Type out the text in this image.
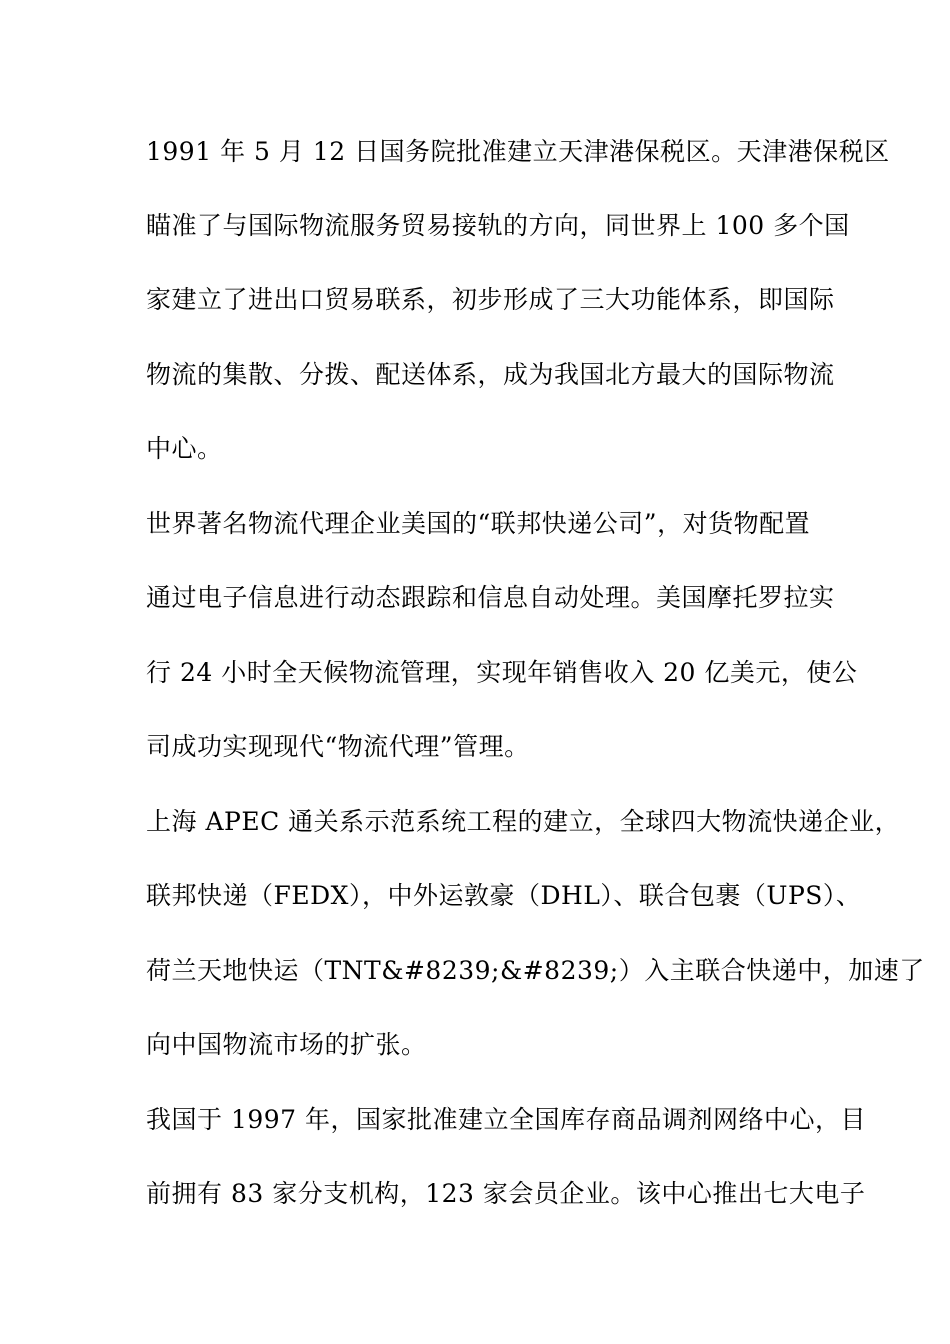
1991 年 5 月 12 日国务院批准建立天津港保税区。天津港保税区
瞄准了与国际物流服务贸易接轨的方向，同世界上 100 多个国
家建立了进出口贸易联系，初步形成了三大功能体系，即国际
物流的集散、分拨、配送体系，成为我国北方最大的国际物流
中心。
世界著名物流代理企业美国的“联邦快递公司”，对货物配置
通过电子信息进行动态跟踪和信息自动处理。美国摩托罗拉实
行 24 小时全天候物流管理，实现年销售收入 20 亿美元，使公
司成功实现现代“物流代理”管理。
上海 APEC 通关系示范系统工程的建立，全球四大物流快递企业，
联邦快递（FEDX），中外运敦豪（DHL）、联合包裹（UPS）、
荷兰天地快运（TNT&#8239;&#8239;）入主联合快递中，加速了
向中国物流市场的扩张。
我国于 1997 年，国家批准建立全国库存商品调剂网络中心，目
前拥有 83 家分支机构，123 家会员企业。该中心推出七大电子
